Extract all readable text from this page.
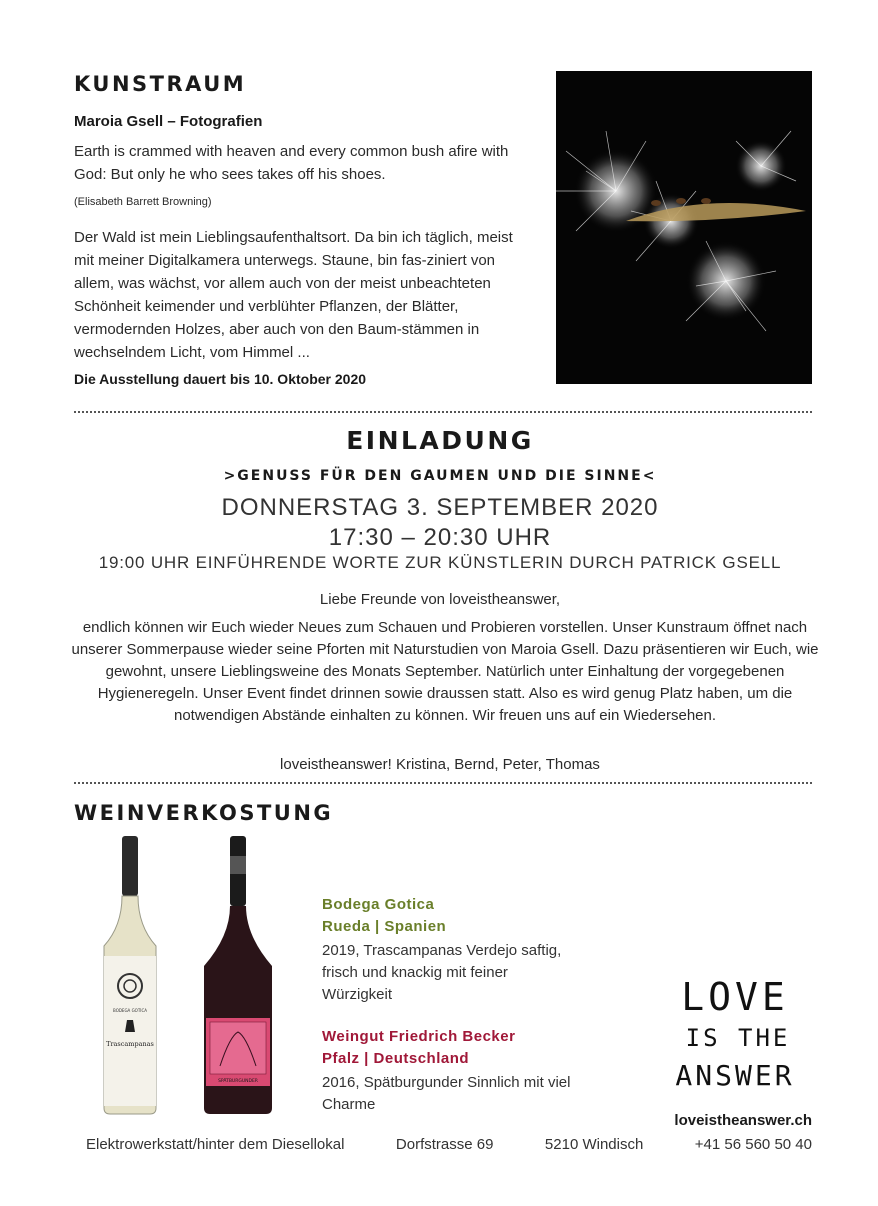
KUNSTRAUM
Maroia Gsell – Fotografien
Earth is crammed with heaven and every common bush afire with God: But only he who sees takes off his shoes.
(Elisabeth Barrett Browning)
Der Wald ist mein Lieblingsaufenthaltsort. Da bin ich täglich, meist mit meiner Digitalkamera unterwegs. Staune, bin fas-ziniert von allem, was wächst, vor allem auch von der meist unbeachteten Schönheit keimender und verblühter Pflanzen, der Blätter, vermodernden Holzes, aber auch von den Baum-stämmen in wechselndem Licht, vom Himmel ...
Die Ausstellung dauert bis 10. Oktober 2020
EINLADUNG
>GENUSS FÜR DEN GAUMEN UND DIE SINNE<
DONNERSTAG 3. SEPTEMBER 2020
17:30 – 20:30 UHR
19:00 UHR EINFÜHRENDE WORTE ZUR KÜNSTLERIN DURCH PATRICK GSELL
Liebe Freunde von loveistheanswer,
endlich können wir Euch wieder Neues zum Schauen und Probieren vorstellen. Unser Kunstraum öffnet nach unserer Sommerpause wieder seine Pforten mit Naturstudien von Maroia Gsell. Dazu präsentieren wir Euch, wie gewohnt, unsere Lieblingsweine des Monats September. Natürlich unter Einhaltung der vorgegebenen Hygieneregeln. Unser Event findet drinnen sowie draussen statt. Also es wird genug Platz haben, um die notwendigen Abstände einhalten zu können. Wir freuen uns auf ein Wiedersehen.
loveistheanswer! Kristina, Bernd, Peter, Thomas
WEINVERKOSTUNG
BODEGA GOTICA
Trascampanas
SPÄTBURGUNDER
Bodega Gotica
Rueda | Spanien
2019, Trascampanas Verdejo saftig, frisch und knackig mit feiner Würzigkeit
Weingut Friedrich Becker
Pfalz | Deutschland
2016, Spätburgunder Sinnlich mit viel Charme
LOVE
IS THE
ANSWER
loveistheanswer.ch
Elektrowerkstatt/hinter dem Diesellokal	Dorfstrasse 69	5210 Windisch	+41 56 560 50 40
